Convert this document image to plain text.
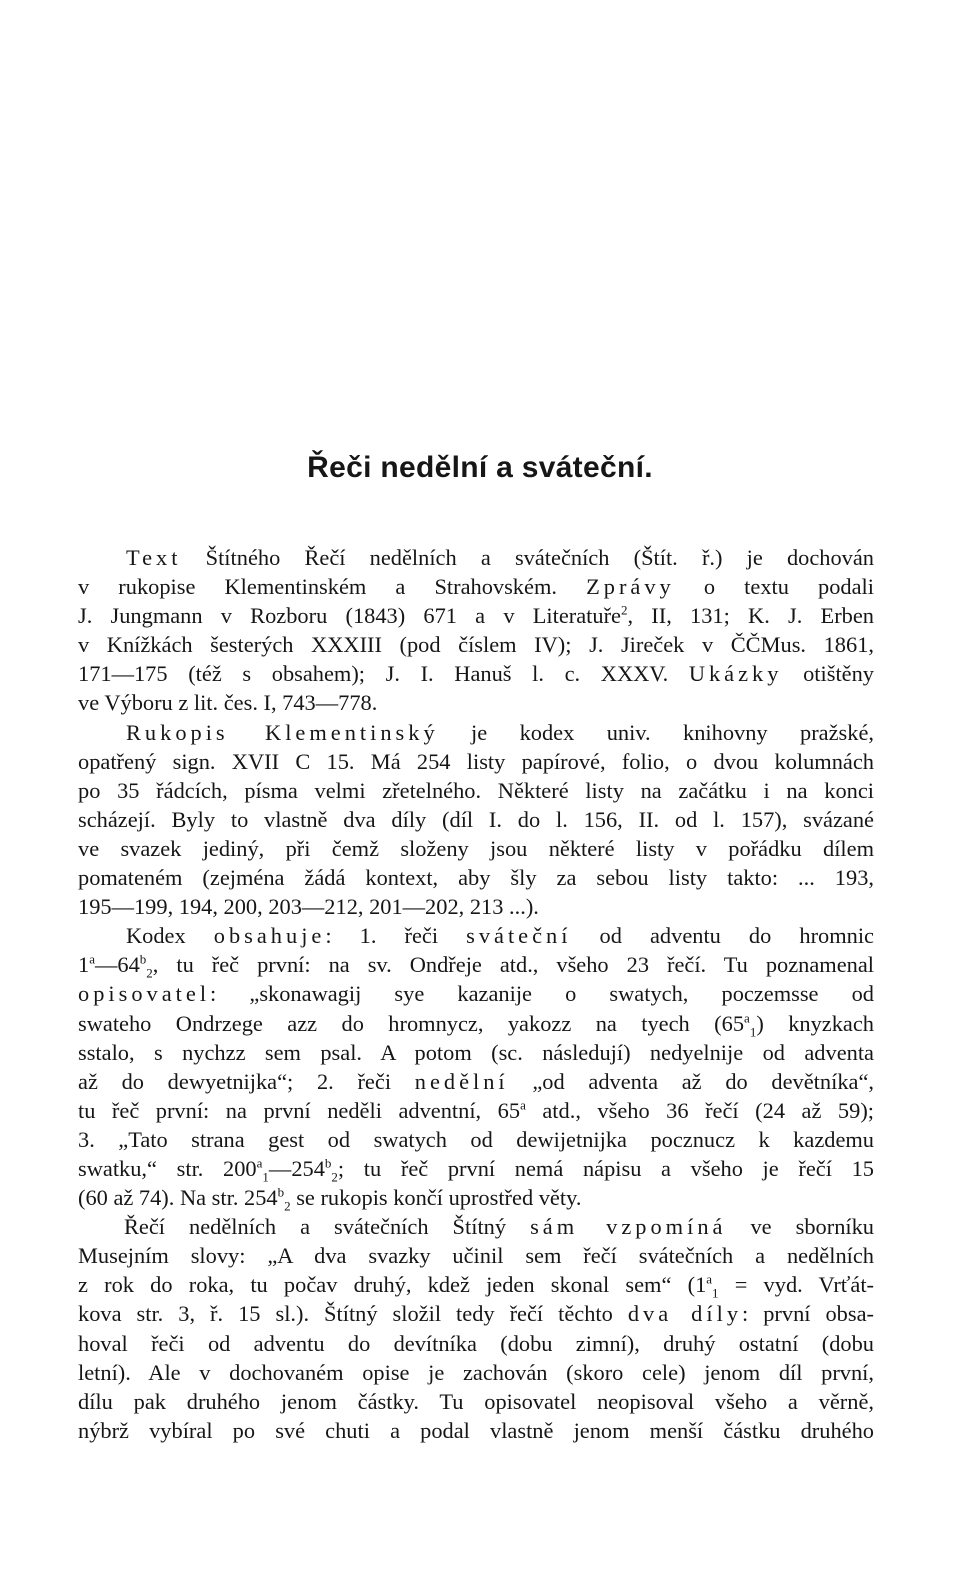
Řeči nedělní a sváteční.
Text Štítného Řečí nedělních a svátečních (Štít. ř.) je dochován
v rukopise Klementinském a Strahovském. Zprávy o textu podali
J. Jungmann v Rozboru (1843) 671 a v Literatuře$^2$, II, 131; K. J. Erben
v Knížkách šesterých XXXIII (pod číslem IV); J. Jireček v ČČMus. 1861,
171—175 (též s obsahem); J. I. Hanuš l. c. XXXV. Ukázky otištěny
ve Výboru z lit. čes. I, 743—778.
Rukopis Klementinský je kodex univ. knihovny pražské,
opatřený sign. XVII C 15. Má 254 listy papírové, folio, o dvou kolumnách
po 35 řádcích, písma velmi zřetelného. Některé listy na začátku i na konci
scházejí. Byly to vlastně dva díly (díl I. do l. 156, II. od l. 157), svázané
ve svazek jediný, při čemž složeny jsou některé listy v pořádku dílem
pomateném (zejména žádá kontext, aby šly za sebou listy takto: ... 193,
195—199, 194, 200, 203—212, 201—202, 213 ...).
Kodex obsahuje: 1. řeči sváteční od adventu do hromnic
$1^a—64^b_2$, tu řeč první: na sv. Ondřeje atd., všeho 23 řečí. Tu poznamenal
opisovatel: „skonawagij sye kazanije o swatych, poczemsse od
swateho Ondrzege azz do hromnycz, yakozz na tyech $(65^a_1)$ knyzkach
sstalo, s nychzz sem psal. A potom (sc. následují) nedyelnije od adventa
až do dewyetnijka“; 2. řeči nedělní „od adventa až do devětníka“,
tu řeč první: na první neděli adventní, 65$^a$ atd., všeho 36 řečí (24 až 59);
3. „Tato strana gest od swatych od dewijetnijka pocznucz k kazdemu
swatku,“ str. $200^a_1—254^b_2$; tu řeč první nemá nápisu a všeho je řečí 15
(60 až 74). Na str. $254^b_2$ se rukopis končí uprostřed věty.
Řečí nedělních a svátečních Štítný sám vzpomíná ve sborníku
Musejním slovy: „A dva svazky učinil sem řečí svátečních a nedělních
z rok do roka, tu počav druhý, kdež jeden skonal sem“ ($1^a_1$ = vyd. Vrťát-
kova str. 3, ř. 15 sl.). Štítný složil tedy řečí těchto dva díly: první obsa-
hoval řeči od adventu do devítníka (dobu zimní), druhý ostatní (dobu
letní). Ale v dochovaném opise je zachován (skoro cele) jenom díl první,
dílu pak druhého jenom částky. Tu opisovatel neopisoval všeho a věrně,
nýbrž vybíral po své chuti a podal vlastně jenom menší částku druhého
